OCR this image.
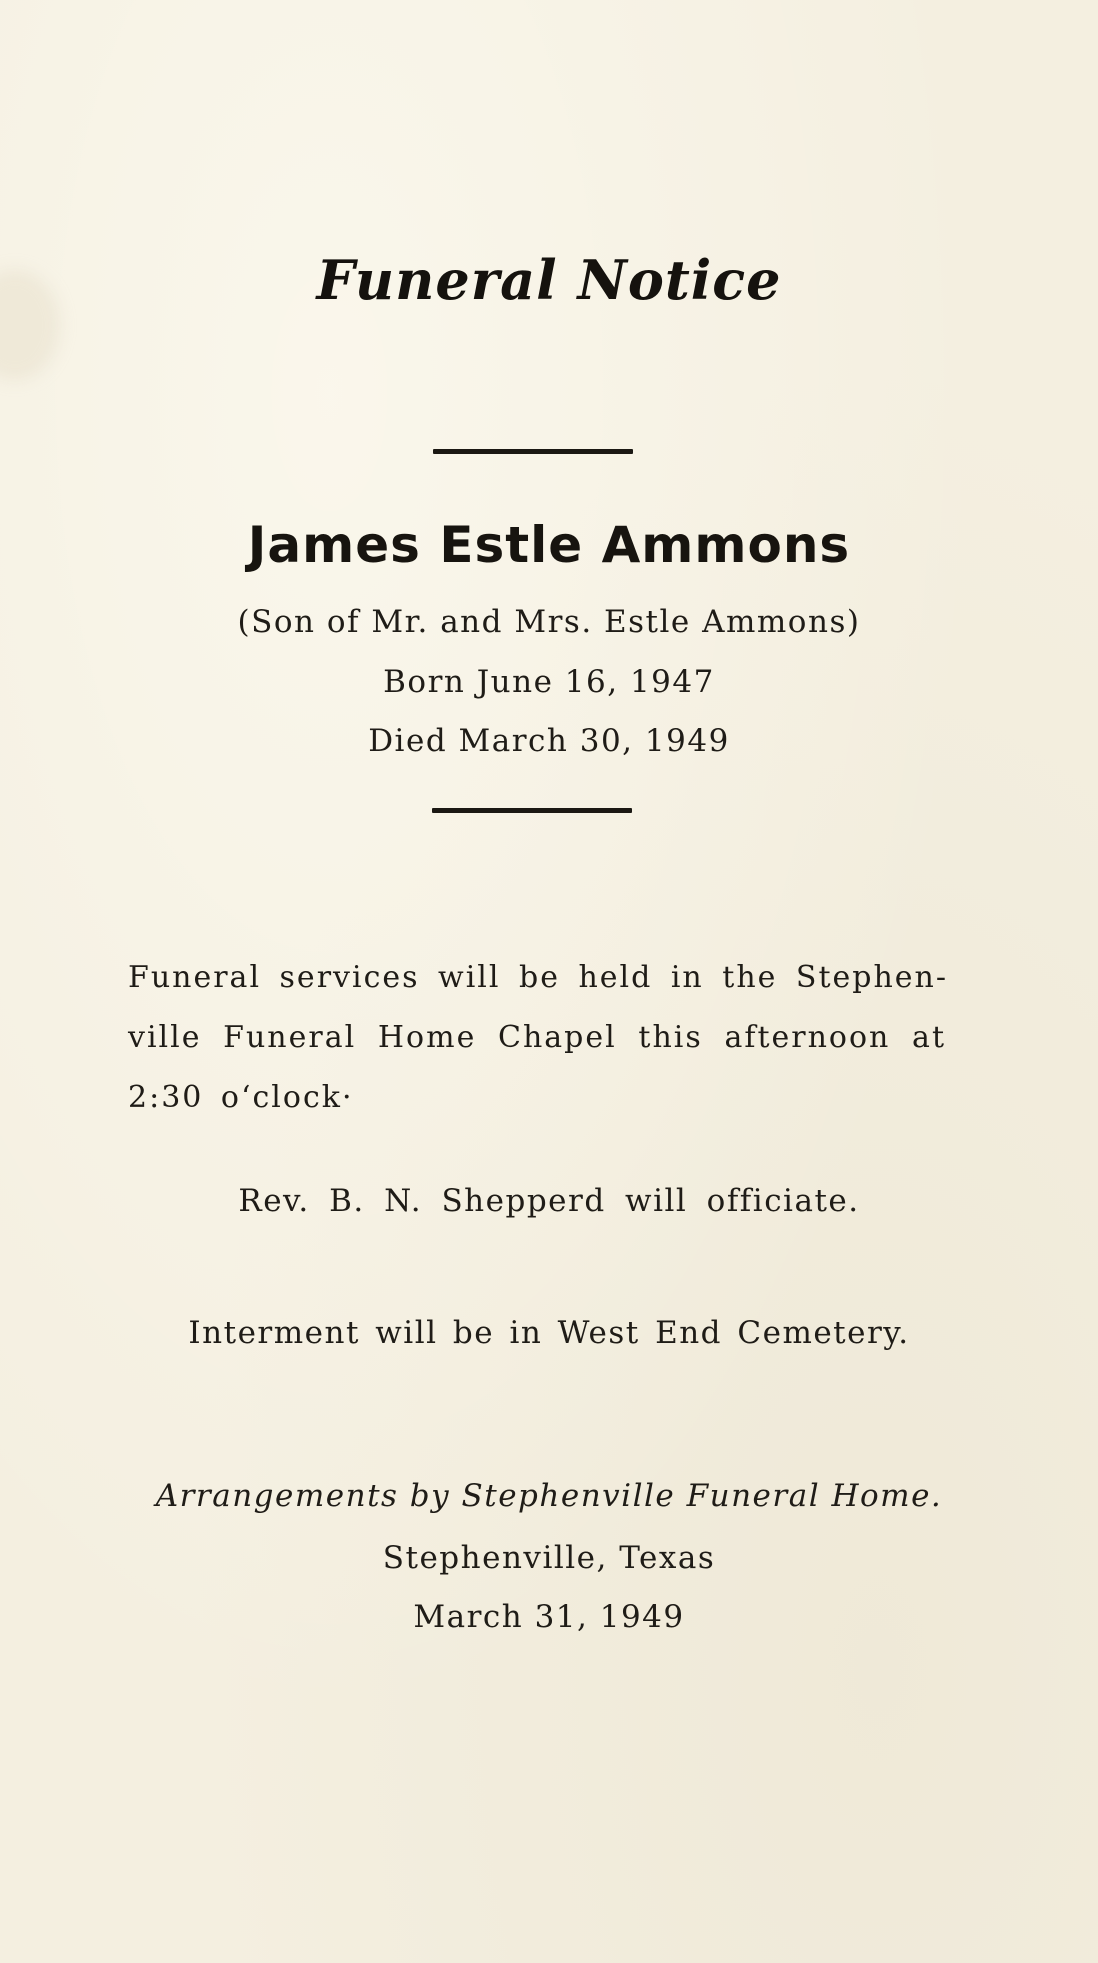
Funeral Notice
James Estle Ammons
(Son of Mr. and Mrs. Estle Ammons)
Born June 16, 1947
Died March 30, 1949
Funeral services will be held in the Stephenville Funeral Home Chapel this afternoon at 2:30 o‘clock·
Rev. B. N. Shepperd will officiate.
Interment will be in West End Cemetery.
Arrangements by Stephenville Funeral Home.
Stephenville, Texas
March 31, 1949
